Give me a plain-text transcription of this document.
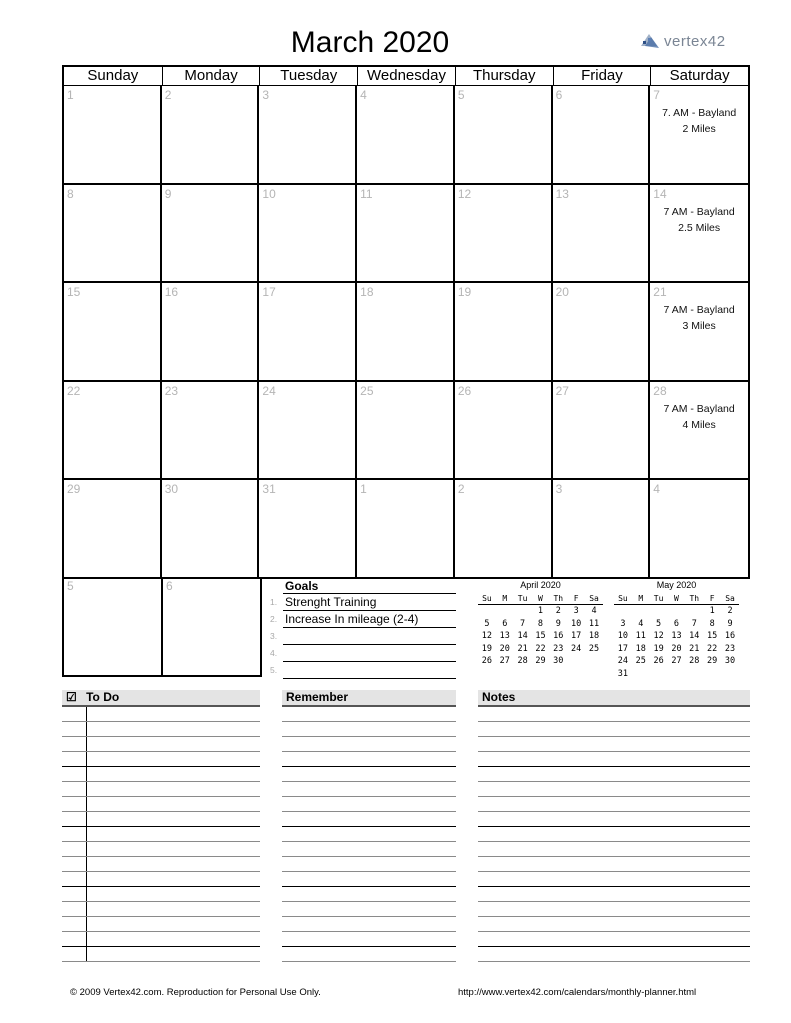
March 2020	vertex42
Sunday	Monday	Tuesday	Wednesday	Thursday	Friday	Saturday
1	2	3	4	5	6	7
7. AM - Bayland
2 Miles
8	9	10	11	12	13	14
7 AM - Bayland
2.5 Miles
15	16	17	18	19	20	21
7 AM - Bayland
3 Miles
22	23	24	25	26	27	28
7 AM - Bayland
4 Miles
29	30	31	1	2	3	4
5	6	Goals
1. Strenght Training
2. Increase In mileage (2-4)
3.
4.
5.
April 2020
Su	M	Tu	W	Th	F	Sa
			1	2	3	4
5	6	7	8	9	10	11
12	13	14	15	16	17	18
19	20	21	22	23	24	25
26	27	28	29	30		
May 2020
Su	M	Tu	W	Th	F	Sa
					1	2
3	4	5	6	7	8	9
10	11	12	13	14	15	16
17	18	19	20	21	22	23
24	25	26	27	28	29	30
31						
☑ To Do	Remember	Notes
© 2009 Vertex42.com. Reproduction for Personal Use Only.	http://www.vertex42.com/calendars/monthly-planner.html
